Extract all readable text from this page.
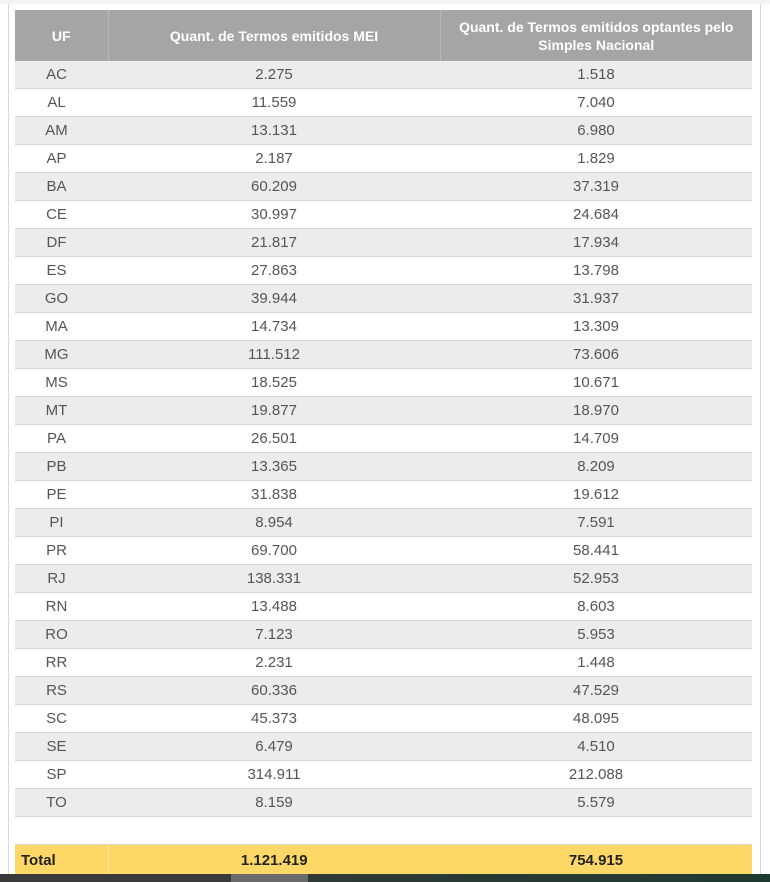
UF	Quant. de Termos emitidos MEI	Quant. de Termos emitidos optantes pelo Simples Nacional
AC	2.275	1.518
AL	11.559	7.040
AM	13.131	6.980
AP	2.187	1.829
BA	60.209	37.319
CE	30.997	24.684
DF	21.817	17.934
ES	27.863	13.798
GO	39.944	31.937
MA	14.734	13.309
MG	111.512	73.606
MS	18.525	10.671
MT	19.877	18.970
PA	26.501	14.709
PB	13.365	8.209
PE	31.838	19.612
PI	8.954	7.591
PR	69.700	58.441
RJ	138.331	52.953
RN	13.488	8.603
RO	7.123	5.953
RR	2.231	1.448
RS	60.336	47.529
SC	45.373	48.095
SE	6.479	4.510
SP	314.911	212.088
TO	8.159	5.579

Total	1.121.419	754.915
